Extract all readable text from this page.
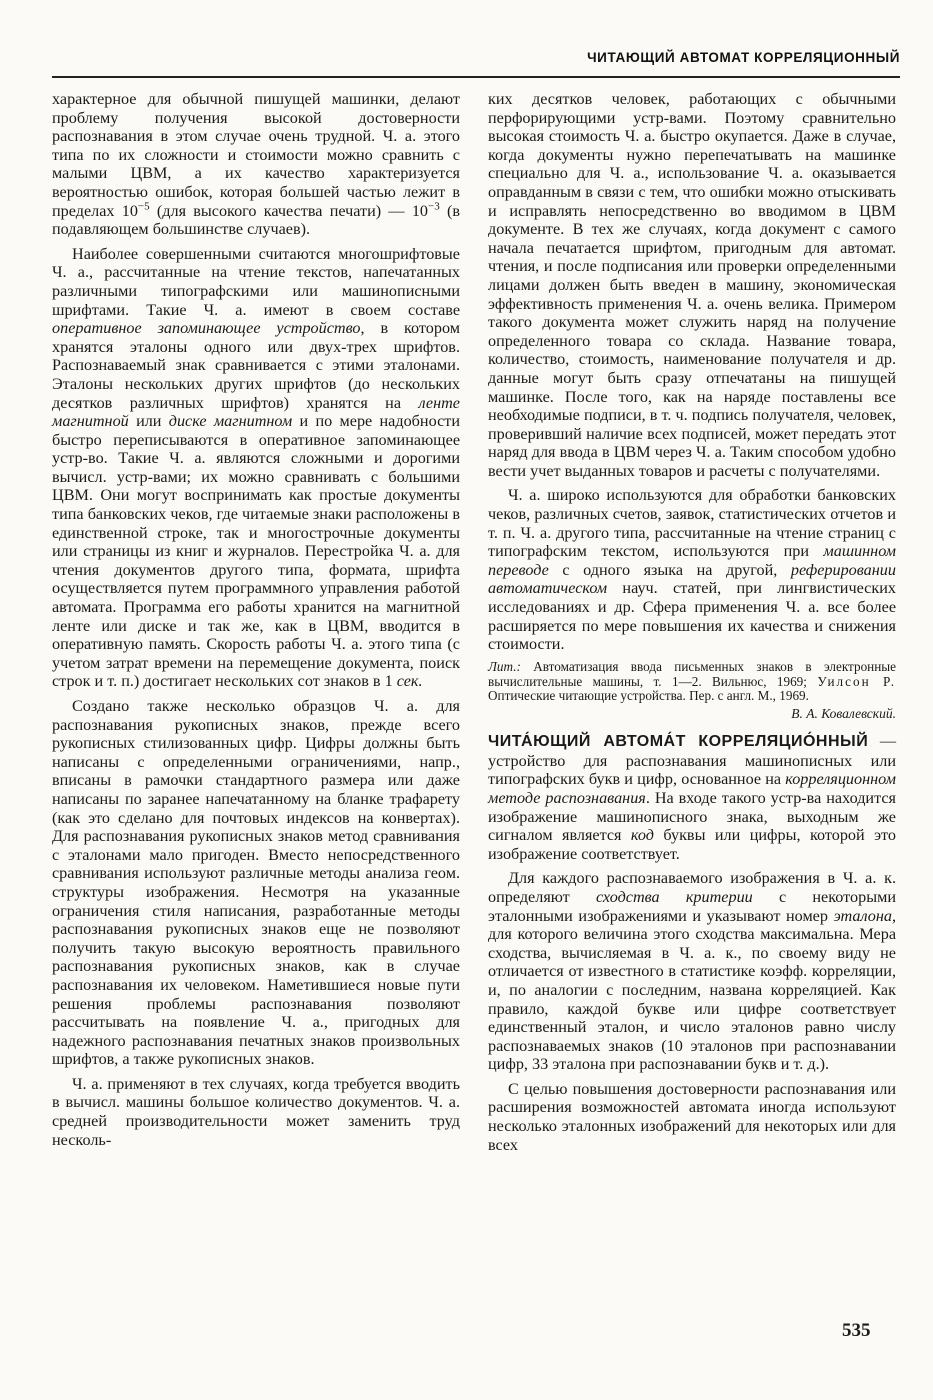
ЧИТАЮЩИЙ АВТОМАТ КОРРЕЛЯЦИОННЫЙ

характерное для обычной пишущей машинки, делают проблему получения высокой достоверности распознавания в этом случае очень трудной. Ч. а. этого типа по их сложности и стоимости можно сравнить с малыми ЦВМ, а их качество характеризуется вероятностью ошибок, которая большей частью лежит в пределах $10^{-5}$ (для высокого качества печати) — $10^{-3}$ (в подавляющем большинстве случаев).

Наиболее совершенными считаются многошрифтовые Ч. а., рассчитанные на чтение текстов, напечатанных различными типографскими или машинописными шрифтами. Такие Ч. а. имеют в своем составе оперативное запоминающее устройство, в котором хранятся эталоны одного или двух-трех шрифтов. Распознаваемый знак сравнивается с этими эталонами. Эталоны нескольких других шрифтов (до нескольких десятков различных шрифтов) хранятся на ленте магнитной или диске магнитном и по мере надобности быстро переписываются в оперативное запоминающее устр-во. Такие Ч. а. являются сложными и дорогими вычисл. устр-вами; их можно сравнивать с большими ЦВМ. Они могут воспринимать как простые документы типа банковских чеков, где читаемые знаки расположены в единственной строке, так и многострочные документы или страницы из книг и журналов. Перестройка Ч. а. для чтения документов другого типа, формата, шрифта осуществляется путем программного управления работой автомата. Программа его работы хранится на магнитной ленте или диске и так же, как в ЦВМ, вводится в оперативную память. Скорость работы Ч. а. этого типа (с учетом затрат времени на перемещение документа, поиск строк и т. п.) достигает нескольких сот знаков в 1 сек.

Создано также несколько образцов Ч. а. для распознавания рукописных знаков, прежде всего рукописных стилизованных цифр. Цифры должны быть написаны с определенными ограничениями, напр., вписаны в рамочки стандартного размера или даже написаны по заранее напечатанному на бланке трафарету (как это сделано для почтовых индексов на конвертах). Для распознавания рукописных знаков метод сравнивания с эталонами мало пригоден. Вместо непосредственного сравнивания используют различные методы анализа геом. структуры изображения. Несмотря на указанные ограничения стиля написания, разработанные методы распознавания рукописных знаков еще не позволяют получить такую высокую вероятность правильного распознавания рукописных знаков, как в случае распознавания их человеком. Наметившиеся новые пути решения проблемы распознавания позволяют рассчитывать на появление Ч. а., пригодных для надежного распознавания печатных знаков произвольных шрифтов, а также рукописных знаков.

Ч. а. применяют в тех случаях, когда требуется вводить в вычисл. машины большое количество документов. Ч. а. средней производительности может заменить труд несколь-

ких десятков человек, работающих с обычными перфорирующими устр-вами. Поэтому сравнительно высокая стоимость Ч. а. быстро окупается. Даже в случае, когда документы нужно перепечатывать на машинке специально для Ч. а., использование Ч. а. оказывается оправданным в связи с тем, что ошибки можно отыскивать и исправлять непосредственно во вводимом в ЦВМ документе. В тех же случаях, когда документ с самого начала печатается шрифтом, пригодным для автомат. чтения, и после подписания или проверки определенными лицами должен быть введен в машину, экономическая эффективность применения Ч. а. очень велика. Примером такого документа может служить наряд на получение определенного товара со склада. Название товара, количество, стоимость, наименование получателя и др. данные могут быть сразу отпечатаны на пишущей машинке. После того, как на наряде поставлены все необходимые подписи, в т. ч. подпись получателя, человек, проверивший наличие всех подписей, может передать этот наряд для ввода в ЦВМ через Ч. а. Таким способом удобно вести учет выданных товаров и расчеты с получателями.

Ч. а. широко используются для обработки банковских чеков, различных счетов, заявок, статистических отчетов и т. п. Ч. а. другого типа, рассчитанные на чтение страниц с типографским текстом, используются при машинном переводе с одного языка на другой, реферировании автоматическом науч. статей, при лингвистических исследованиях и др. Сфера применения Ч. а. все более расширяется по мере повышения их качества и снижения стоимости.

Лит.: Автоматизация ввода письменных знаков в электронные вычислительные машины, т. 1—2. Вильнюс, 1969; Уилсон Р. Оптические читающие устройства. Пер. с англ. М., 1969.

В. А. Ковалевский.

ЧИТА́ЮЩИЙ АВТОМА́Т КОРРЕЛЯЦИО́ННЫЙ — устройство для распознавания машинописных или типографских букв и цифр, основанное на корреляционном методе распознавания. На входе такого устр-ва находится изображение машинописного знака, выходным же сигналом является код буквы или цифры, которой это изображение соответствует.

Для каждого распознаваемого изображения в Ч. а. к. определяют сходства критерии с некоторыми эталонными изображениями и указывают номер эталона, для которого величина этого сходства максимальна. Мера сходства, вычисляемая в Ч. а. к., по своему виду не отличается от известного в статистике коэфф. корреляции, и, по аналогии с последним, названа корреляцией. Как правило, каждой букве или цифре соответствует единственный эталон, и число эталонов равно числу распознаваемых знаков (10 эталонов при распознавании цифр, 33 эталона при распознавании букв и т. д.).

С целью повышения достоверности распознавания или расширения возможностей автомата иногда используют несколько эталонных изображений для некоторых или для всех

535
